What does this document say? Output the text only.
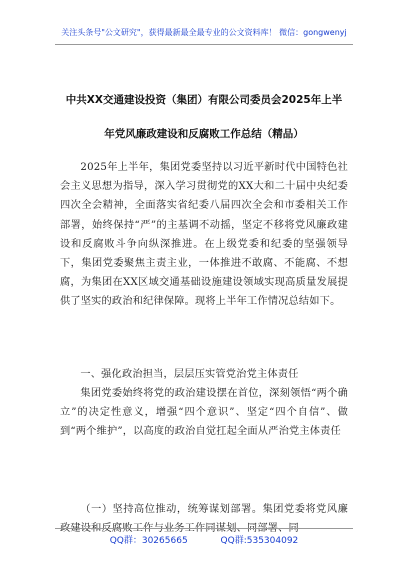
关注头条号"公文研究"，获得最新最全最专业的公文资料库！ 微信：gongwenyj
中共XX交通建设投资（集团）有限公司委员会2025年上半
年党风廉政建设和反腐败工作总结（精品）
2025年上半年，集团党委坚持以习近平新时代中国特色社会主义思想为指导，深入学习贯彻党的XX大和二十届中央纪委四次全会精神，全面落实省纪委八届四次全会和市委相关工作部署，始终保持“严”的主基调不动摇，坚定不移将党风廉政建设和反腐败斗争向纵深推进。在上级党委和纪委的坚强领导下，集团党委聚焦主责主业，一体推进不敢腐、不能腐、不想腐，为集团在XX区域交通基础设施建设领域实现高质量发展提供了坚实的政治和纪律保障。现将上半年工作情况总结如下。
一、强化政治担当，层层压实管党治党主体责任
集团党委始终将党的政治建设摆在首位，深刻领悟“两个确立”的决定性意义，增强“四个意识”、坚定“四个自信”、做到“两个维护”，以高度的政治自觉扛起全面从严治党主体责任
（一）坚持高位推动，统筹谋划部署。集团党委将党风廉政建设和反腐败工作与业务工作同谋划、同部署、同
QQ群：30265665	QQ群:535304092
